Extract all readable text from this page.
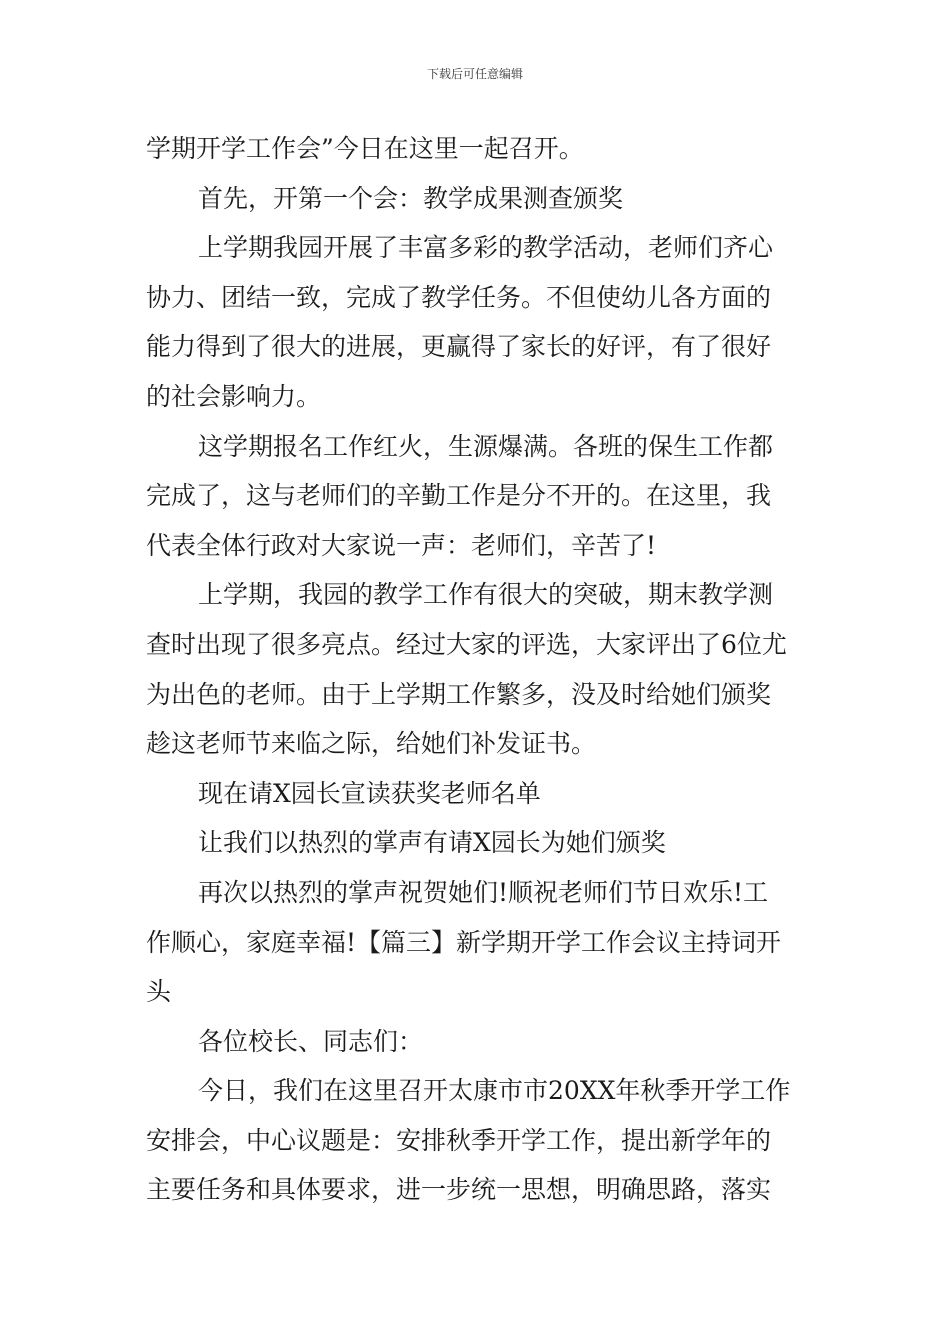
下载后可任意编辑
学期开学工作会”今日在这里一起召开。
首先，开第一个会：教学成果测查颁奖
上学期我园开展了丰富多彩的教学活动，老师们齐心
协力、团结一致，完成了教学任务。不但使幼儿各方面的
能力得到了很大的进展，更赢得了家长的好评，有了很好
的社会影响力。
这学期报名工作红火，生源爆满。各班的保生工作都
完成了，这与老师们的辛勤工作是分不开的。在这里，我
代表全体行政对大家说一声：老师们，辛苦了!
上学期，我园的教学工作有很大的突破，期末教学测
查时出现了很多亮点。经过大家的评选，大家评出了6位尤
为出色的老师。由于上学期工作繁多，没及时给她们颁奖
趁这老师节来临之际，给她们补发证书。
现在请X园长宣读获奖老师名单
让我们以热烈的掌声有请X园长为她们颁奖
再次以热烈的掌声祝贺她们!顺祝老师们节日欢乐!工
作顺心，家庭幸福!【篇三】新学期开学工作会议主持词开
头
各位校长、同志们：
今日，我们在这里召开太康市市20XX年秋季开学工作
安排会，中心议题是：安排秋季开学工作，提出新学年的
主要任务和具体要求，进一步统一思想，明确思路，落实
